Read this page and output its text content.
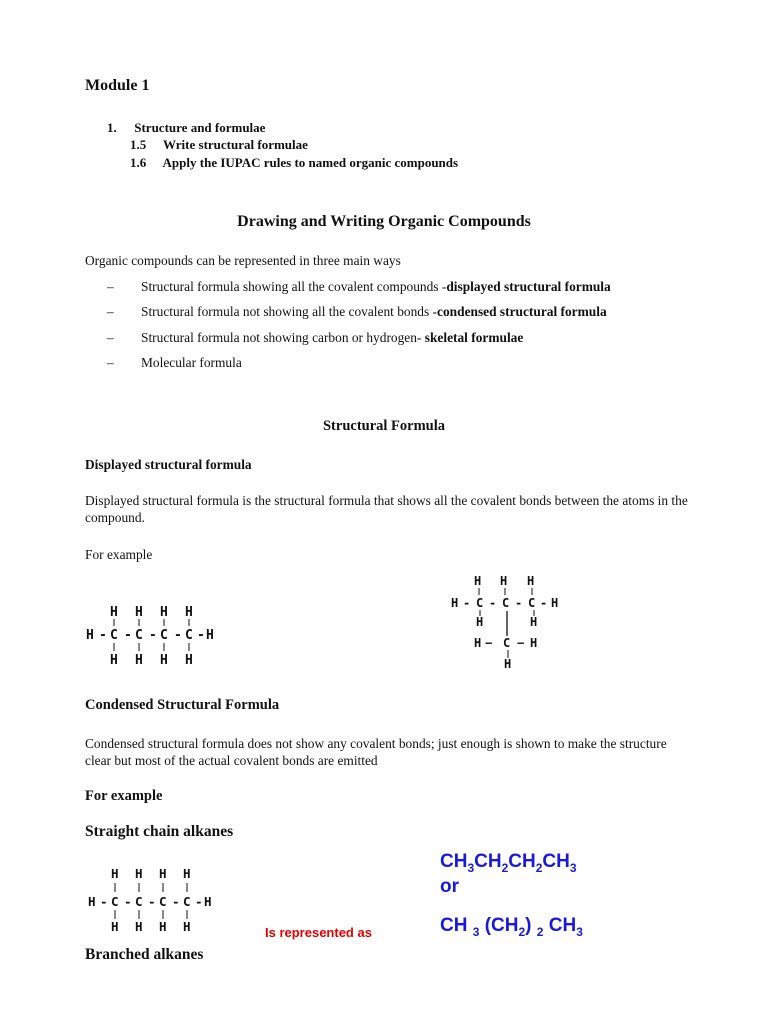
Module 1
1. Structure and formulae
1.5 Write structural formulae
1.6 Apply the IUPAC rules to named organic compounds
Drawing and Writing Organic Compounds
Organic compounds can be represented in three main ways
– Structural formula showing all the covalent compounds -displayed structural formula
– Structural formula not showing all the covalent bonds -condensed structural formula
– Structural formula not showing carbon or hydrogen- skeletal formulae
– Molecular formula
Structural Formula
Displayed structural formula
Displayed structural formula is the structural formula that shows all the covalent bonds between the atoms in the compound.
For example
H H H H
H - C - C - C - C - H
H H H H
H H H
H - C - C - C - H
H	H
H − C − H
H
Condensed Structural Formula
Condensed structural formula does not show any covalent bonds; just enough is shown to make the structure clear but most of the actual covalent bonds are emitted
For example
Straight chain alkanes
H H H H
H - C - C - C - C - H
H H H H	Is represented as
$CH_3CH_2CH_2CH_3$
or
CH $_3$ $(CH_2)$ $_2$ $CH_3$
Branched alkanes
